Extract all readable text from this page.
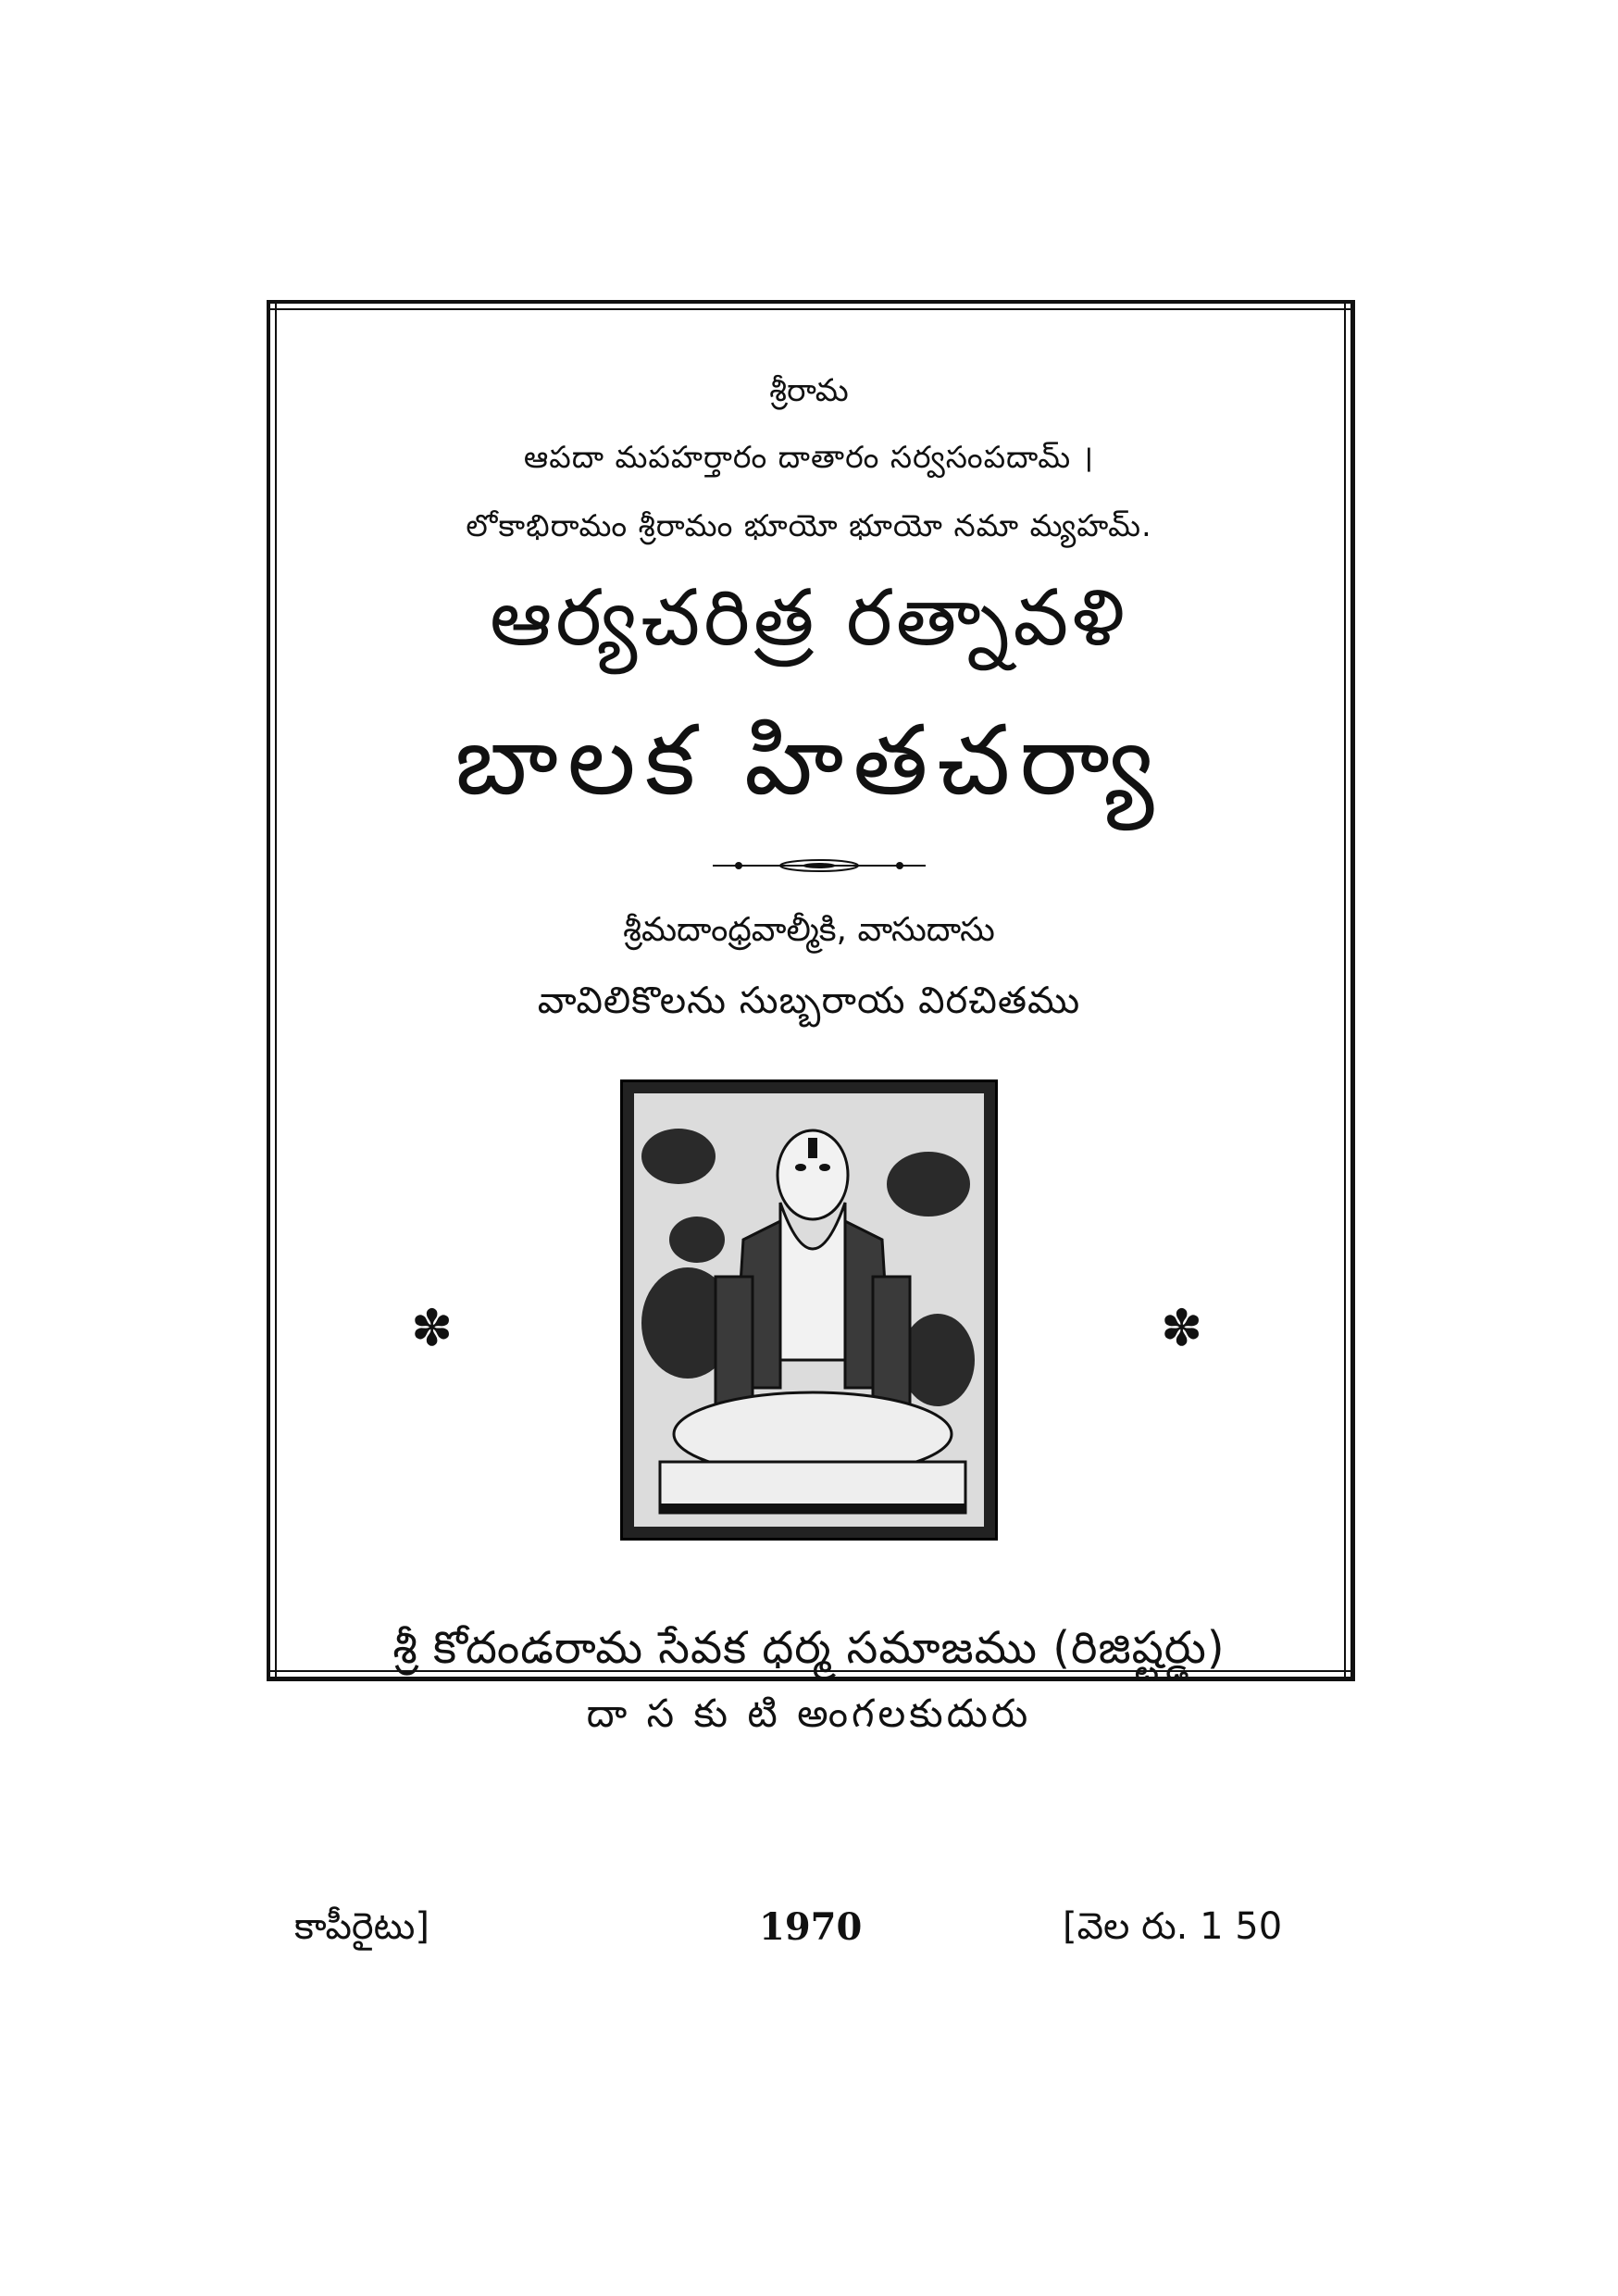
శ్రీరామ
ఆపదా మపహర్తారం దాతారం సర్వసంపదామ్ ।
లోకాభిరామం శ్రీరామం భూయో భూయో నమా మ్యహమ్.
ఆర్యచరిత్ర రత్నావళి
బాలక హితచర్యా
శ్రీమదాంధ్రవాల్మీకి, వాసుదాసు
వావిలికొలను సుబ్బరాయ విరచితము
✽	✽
శ్రీ కోదండరామ సేవక ధర్మ సమాజము (రిజిష్టర్డు)
దా స కు టి అంగలకుదురు
కాపీరైటు]	1970	[వెల రు. 1 50
